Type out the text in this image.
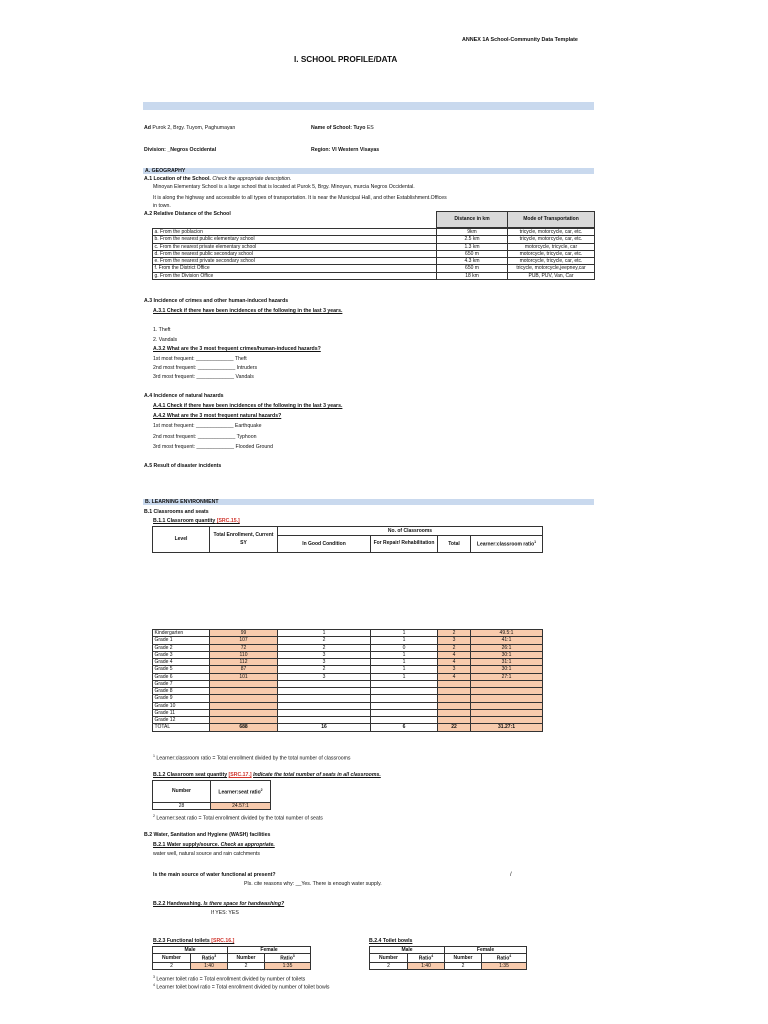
ANNEX 1A School-Community Data Template
I. SCHOOL PROFILE/DATA
Ad Purok 2, Brgy. Tuyom, Paghumayan	Name of School: Tuyo ES
Division: _Negros Occidental	Region: VI Western Visayas
A. GEOGRAPHY
A.1 Location of the School. Check the appropriate description.
Minoyan Elementary School is a large school that is located at Purok 5, Brgy. Minoyan, murcia Negros Occidental.
It is along the highway and accessible to all types of transportation. It is near the Municipal Hall, and other Establishment.Offices
in town.
A.2 Relative Distance of the School
Distance in km	Mode of Transportation
a. From the poblacion	9km	tricycle, motorcycle, car, etc.
b. From the nearest public elementary school	2.5 km	tricycle, motorcycle, car, etc.
c. From the nearest private elementary school	1.3 km	motorcycle, tricycle, car
d. From the nearest public secondary school	650 m	motorcycle, tricycle, car, etc.
e. From the nearest private secondary school	4.3 km	motorcycle, tricycle, car, etc.
f. From the District Office	650 m	tricycle, motorcycle,jeepney,car
g. From the Division Office	18 km	PUB, PUV, Van, Car
A.3 Incidence of crimes and other human-induced hazards
A.3.1 Check if there have been incidences of the following in the last 3 years.
1. Theft
2. Vandals
A.3.2 What are the 3 most frequent crimes/human-induced hazards?
1st most frequent: _____________ Theft
2nd most frequent: _____________ Intruders
3rd most frequent: _____________ Vandals
A.4 Incidence of natural hazards
A.4.1 Check if there have been incidences of the following in the last 3 years.
A.4.2 What are the 3 most frequent natural hazards?
1st most frequent: _____________ Earthquake
2nd most frequent: _____________ Typhoon
3rd most frequent: _____________ Flooded Ground
A.5 Result of disaster incidents
B. LEARNING ENVIRONMENT
B.1 Classrooms and seats
B.1.1 Classroom quantity [SRC.15.]
Level	Total Enrollment, Current SY	No. of Classrooms			
		In Good Condition	For Repair/ Rehabilitation	Total	Learner:classroom ratio$^1$
Kindergarten	99	1	1	2	49.5:1
Grade 1	107	2	1	3	41:1
Grade 2	72	2	0	2	26:1
Grade 3	110	3	1	4	30:1
Grade 4	112	3	1	4	31:1
Grade 5	87	2	1	3	30:1
Grade 6	101	3	1	4	27:1
Grade 7					
Grade 8					
Grade 9					
Grade 10					
Grade 11					
Grade 12					
TOTAL	688	16	6	22	31.27:1
$^1$ Learner:classroom ratio = Total enrollment divided by the total number of classrooms
B.1.2 Classroom seat quantity [SRC.17.] Indicate the total number of seats in all classrooms.
Number	Learner:seat ratio$^2$
28	24.57:1
$^2$ Learner:seat ratio = Total enrollment divided by the total number of seats
B.2 Water, Sanitation and Hygiene (WASH) facilities
B.2.1 Water supply/source. Check as appropriate.
water well, natural source and rain catchments
Is the main source of water functional at present?	/
Pls. cite reasons why: __Yes. There is enough water supply.
B.2.2 Handwashing. Is there space for handwashing?
If YES: YES
B.2.3 Functional toilets [SRC.16.]	B.2.4 Toilet bowls
Male		Female	
Number	Ratio$^3$	Number	Ratio$^3$
2	1:40	2	1:35
Male		Female	
Number	Ratio$^4$	Number	Ratio$^4$
2	1:40	2	1:35
$^3$ Learner toilet ratio = Total enrollment divided by number of toilets
$^4$ Learner toilet bowl ratio = Total enrollment divided by number of toilet bowls
